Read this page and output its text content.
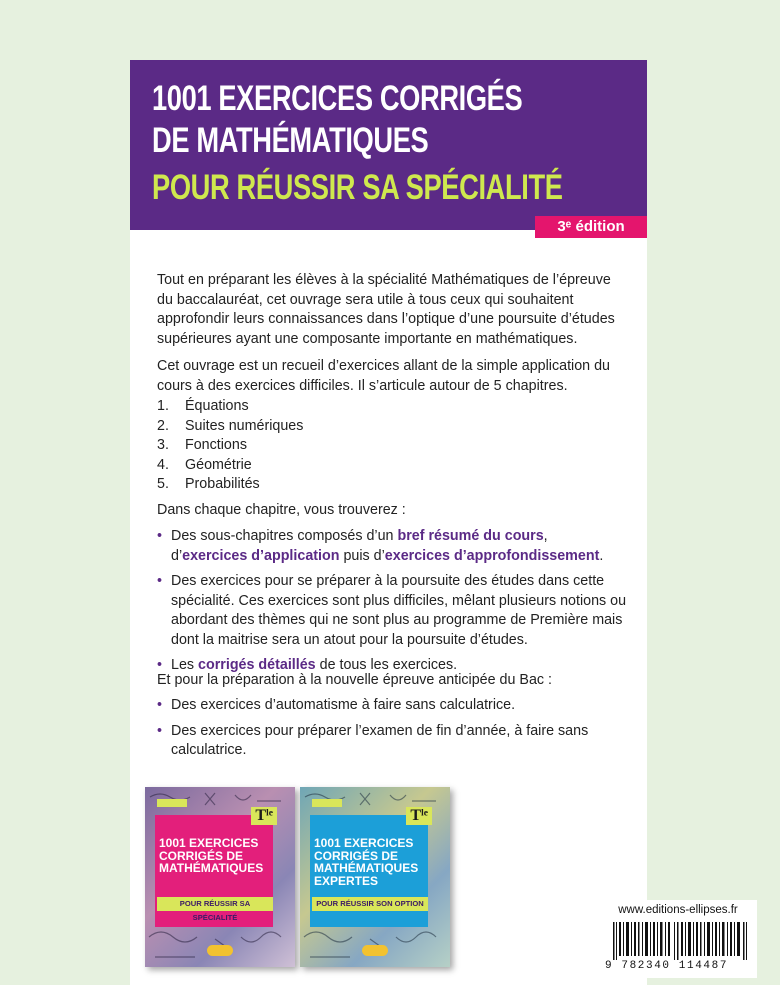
1001 EXERCICES CORRIGÉS
DE MATHÉMATIQUES
POUR RÉUSSIR SA SPÉCIALITÉ
3ᵉ édition
Tout en préparant les élèves à la spécialité Mathématiques de l’épreuve du baccalauréat, cet ouvrage sera utile à tous ceux qui souhaitent approfondir leurs connaissances dans l’optique d’une poursuite d’études supérieures ayant une composante importante en mathématiques.
Cet ouvrage est un recueil d’exercices allant de la simple application du cours à des exercices difficiles. Il s’articule autour de 5 chapitres.
1. Équations
2. Suites numériques
3. Fonctions
4. Géométrie
5. Probabilités
Dans chaque chapitre, vous trouverez :
• Des sous-chapitres composés d’un bref résumé du cours, d’exercices d’application puis d’exercices d’approfondissement.
• Des exercices pour se préparer à la poursuite des études dans cette spécialité. Ces exercices sont plus difficiles, mêlant plusieurs notions ou abordant des thèmes qui ne sont plus au programme de Première mais dont la maitrise sera un atout pour la poursuite d’études.
• Les corrigés détaillés de tous les exercices.
Et pour la préparation à la nouvelle épreuve anticipée du Bac :
• Des exercices d’automatisme à faire sans calculatrice.
• Des exercices pour préparer l’examen de fin d’année, à faire sans calculatrice.
Tˡᵉ
1001 EXERCICES CORRIGÉS DE MATHÉMATIQUES
POUR RÉUSSIR SA SPÉCIALITÉ
Tˡᵉ
1001 EXERCICES CORRIGÉS DE MATHÉMATIQUES EXPERTES
POUR RÉUSSIR SON OPTION
www.editions-ellipses.fr
9 782340 114487
